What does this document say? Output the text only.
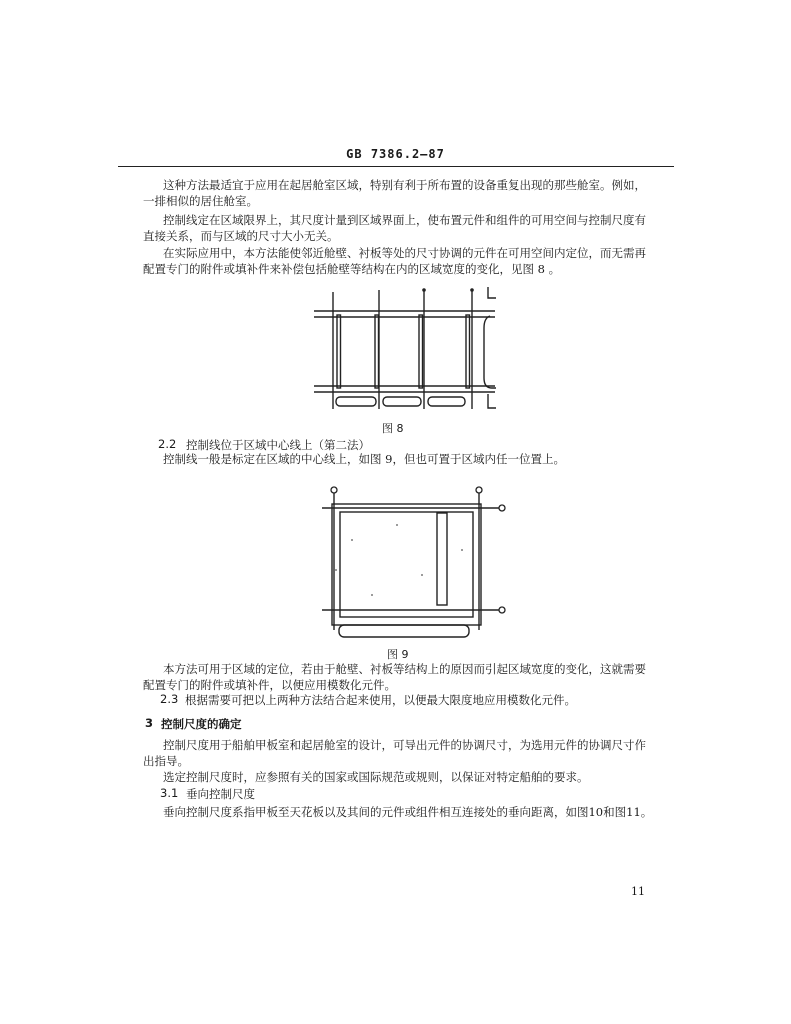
GB 7386.2—87
这种方法最适宜于应用在起居舱室区域，特别有利于所布置的设备重复出现的那些舱室。例如，
一排相似的居住舱室。
控制线定在区域限界上，其尺度计量到区域界面上，使布置元件和组件的可用空间与控制尺度有
直接关系，而与区域的尺寸大小无关。
在实际应用中，本方法能使邻近舱壁、衬板等处的尺寸协调的元件在可用空间内定位，而无需再
配置专门的附件或填补件来补偿包括舱壁等结构在内的区域宽度的变化，见图 8 。
图 8
2.2 控制线位于区域中心线上（第二法）
控制线一般是标定在区域的中心线上，如图 9，但也可置于区域内任一位置上。
图 9
本方法可用于区域的定位，若由于舱壁、衬板等结构上的原因而引起区域宽度的变化，这就需要
配置专门的附件或填补件，以便应用模数化元件。
2.3 根据需要可把以上两种方法结合起来使用，以便最大限度地应用模数化元件。
3 控制尺度的确定
控制尺度用于船舶甲板室和起居舱室的设计，可导出元件的协调尺寸，为选用元件的协调尺寸作
出指导。
选定控制尺度时，应参照有关的国家或国际规范或规则，以保证对特定船舶的要求。
3.1 垂向控制尺度
垂向控制尺度系指甲板至天花板以及其间的元件或组件相互连接处的垂向距离，如图10和图11。
11
